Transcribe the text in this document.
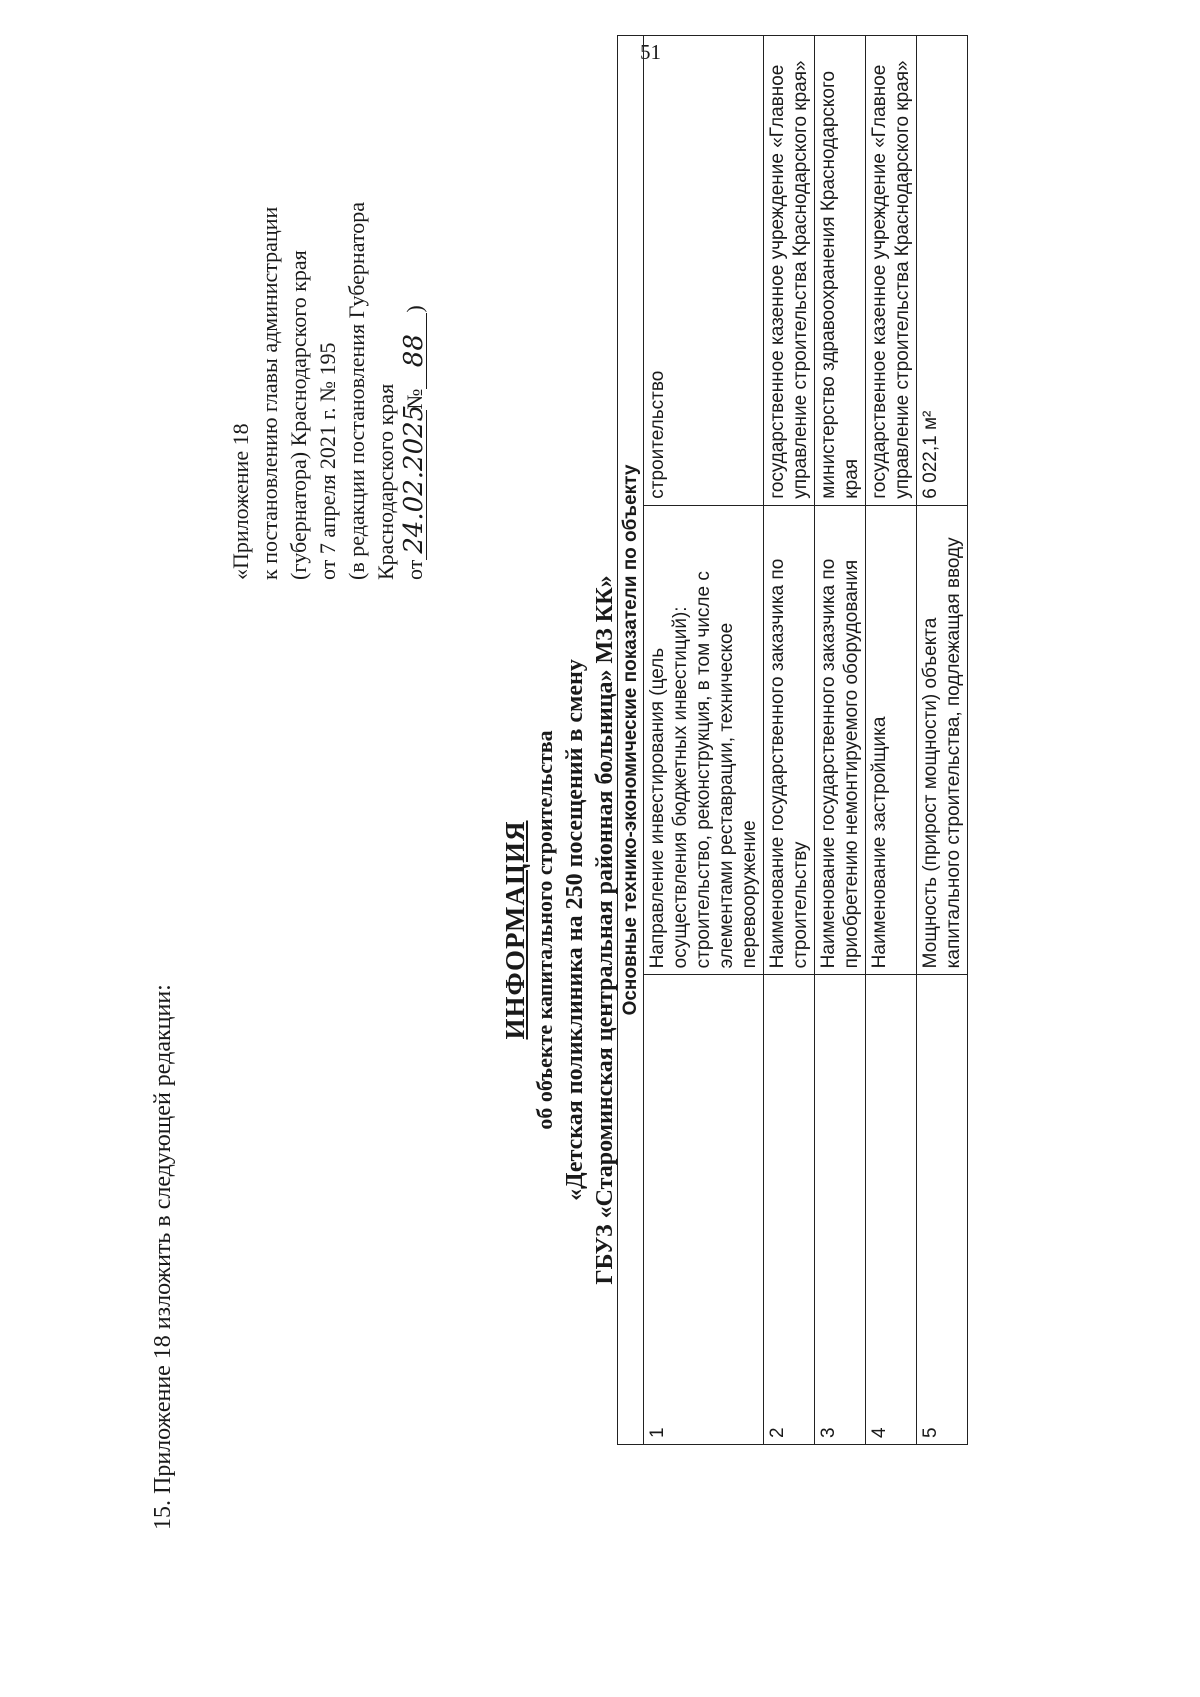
51
15. Приложение 18 изложить в следующей редакции:
«Приложение 18 к постановлению главы администрации (губернатора) Краснодарского края от 7 апреля 2021 г. № 195 (в редакции постановления Губернатора Краснодарского края от24.02.2025№88)
ИНФОРМАЦИЯ об объекте капитального строительства «Детская поликлиника на 250 посещений в смену ГБУЗ «Староминская центральная районная больница» МЗ КК» Основные технико-экономические показатели по объекту		
1	Направление инвестирования (цель осуществления бюджетных инвестиций): строительство, реконструкция, в том числе с элементами реставрации, техническое перевооружение	строительство
2	Наименование государственного заказчика по строительству	государственное казенное учреждение «Главное управление строительства Краснодарского края»
3	Наименование государственного заказчика по приобретению немонтируемого оборудования	министерство здравоохранения Краснодарского края
4	Наименование застройщика	государственное казенное учреждение «Главное управление строительства Краснодарского края»
5	Мощность (прирост мощности) объекта капитального строительства, подлежащая вводу	6 022,1 м²
